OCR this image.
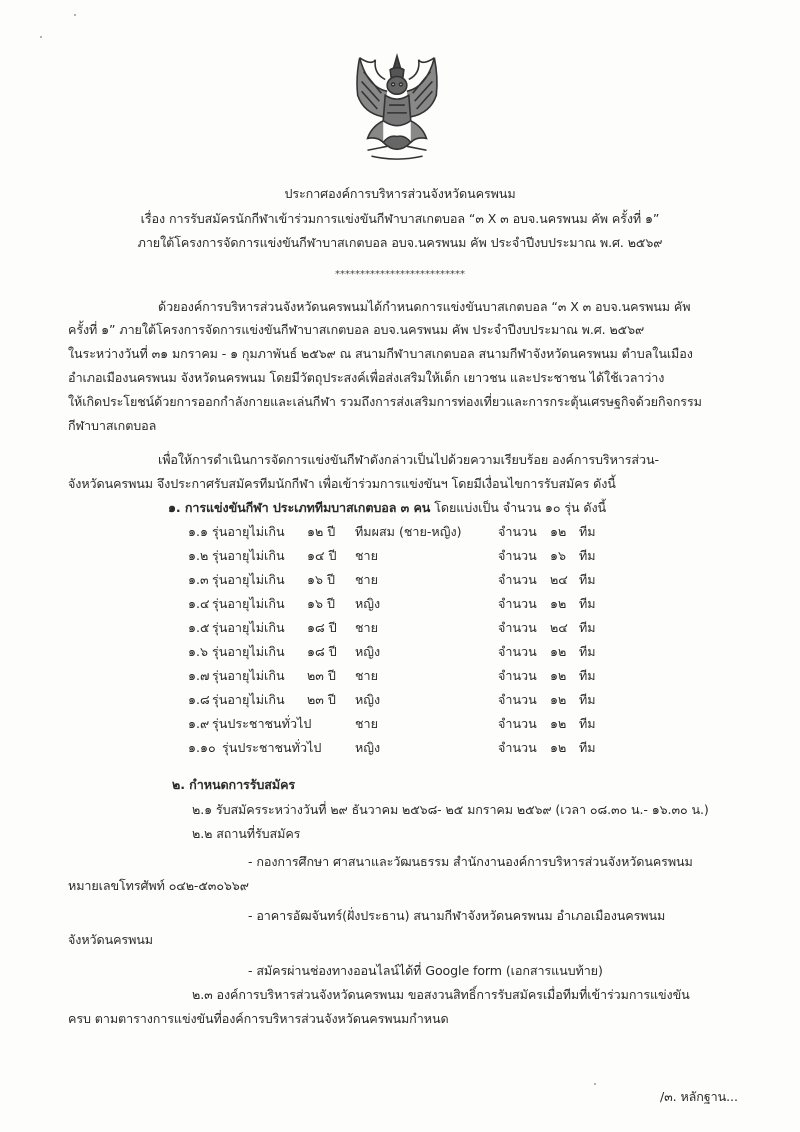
ประกาศองค์การบริหารส่วนจังหวัดนครพนม
เรื่อง การรับสมัครนักกีฬาเข้าร่วมการแข่งขันกีฬาบาสเกตบอล “๓ X ๓ อบจ.นครพนม คัพ ครั้งที่ ๑”
ภายใต้โครงการจัดการแข่งขันกีฬาบาสเกตบอล อบจ.นครพนม คัพ ประจำปีงบประมาณ พ.ศ. ๒๕๖๙
**************************
ด้วยองค์การบริหารส่วนจังหวัดนครพนมได้กำหนดการแข่งขันบาสเกตบอล “๓ X ๓ อบจ.นครพนม คัพ
ครั้งที่ ๑” ภายใต้โครงการจัดการแข่งขันกีฬาบาสเกตบอล อบจ.นครพนม คัพ ประจำปีงบประมาณ พ.ศ. ๒๕๖๙
ในระหว่างวันที่ ๓๑ มกราคม - ๑ กุมภาพันธ์ ๒๕๖๙ ณ สนามกีฬาบาสเกตบอล สนามกีฬาจังหวัดนครพนม ตำบลในเมือง
อำเภอเมืองนครพนม จังหวัดนครพนม โดยมีวัตถุประสงค์เพื่อส่งเสริมให้เด็ก เยาวชน และประชาชน ได้ใช้เวลาว่าง
ให้เกิดประโยชน์ด้วยการออกกำลังกายและเล่นกีฬา รวมถึงการส่งเสริมการท่องเที่ยวและการกระตุ้นเศรษฐกิจด้วยกิจกรรม
กีฬาบาสเกตบอล
เพื่อให้การดำเนินการจัดการแข่งขันกีฬาดังกล่าวเป็นไปด้วยความเรียบร้อย องค์การบริหารส่วน-
จังหวัดนครพนม จึงประกาศรับสมัครทีมนักกีฬา เพื่อเข้าร่วมการแข่งขันฯ โดยมีเงื่อนไขการรับสมัคร ดังนี้
๑. การแข่งขันกีฬา ประเภททีมบาสเกตบอล ๓ คน โดยแบ่งเป็น จำนวน ๑๐ รุ่น ดังนี้
๑.๑ รุ่นอายุไม่เกิน ๑๒ ปี ทีมผสม (ชาย-หญิง)	จำนวน ๑๒ ทีม
๑.๒ รุ่นอายุไม่เกิน ๑๔ ปี ชาย	จำนวน ๑๖ ทีม
๑.๓ รุ่นอายุไม่เกิน ๑๖ ปี ชาย	จำนวน ๒๔ ทีม
๑.๔ รุ่นอายุไม่เกิน ๑๖ ปี หญิง	จำนวน ๑๒ ทีม
๑.๕ รุ่นอายุไม่เกิน ๑๘ ปี ชาย	จำนวน ๒๔ ทีม
๑.๖ รุ่นอายุไม่เกิน ๑๘ ปี หญิง	จำนวน ๑๒ ทีม
๑.๗ รุ่นอายุไม่เกิน ๒๓ ปี ชาย	จำนวน ๑๒ ทีม
๑.๘ รุ่นอายุไม่เกิน ๒๓ ปี หญิง	จำนวน ๑๒ ทีม
๑.๙ รุ่นประชาชนทั่วไป	ชาย	จำนวน ๑๒ ทีม
๑.๑๐ รุ่นประชาชนทั่วไป	หญิง	จำนวน ๑๒ ทีม
๒. กำหนดการรับสมัคร
๒.๑ รับสมัครระหว่างวันที่ ๒๙ ธันวาคม ๒๕๖๘- ๒๕ มกราคม ๒๕๖๙ (เวลา ๐๘.๓๐ น.- ๑๖.๓๐ น.)
๒.๒ สถานที่รับสมัคร
- กองการศึกษา ศาสนาและวัฒนธรรม สำนักงานองค์การบริหารส่วนจังหวัดนครพนม
หมายเลขโทรศัพท์ ๐๔๒-๕๓๐๖๖๙
- อาคารอัฒจันทร์(ฝั่งประธาน) สนามกีฬาจังหวัดนครพนม อำเภอเมืองนครพนม
จังหวัดนครพนม
- สมัครผ่านช่องทางออนไลน์ได้ที่ Google form (เอกสารแนบท้าย)
๒.๓ องค์การบริหารส่วนจังหวัดนครพนม ขอสงวนสิทธิ์การรับสมัครเมื่อทีมที่เข้าร่วมการแข่งขัน
ครบ ตามตารางการแข่งขันที่องค์การบริหารส่วนจังหวัดนครพนมกำหนด
/๓. หลักฐาน...
